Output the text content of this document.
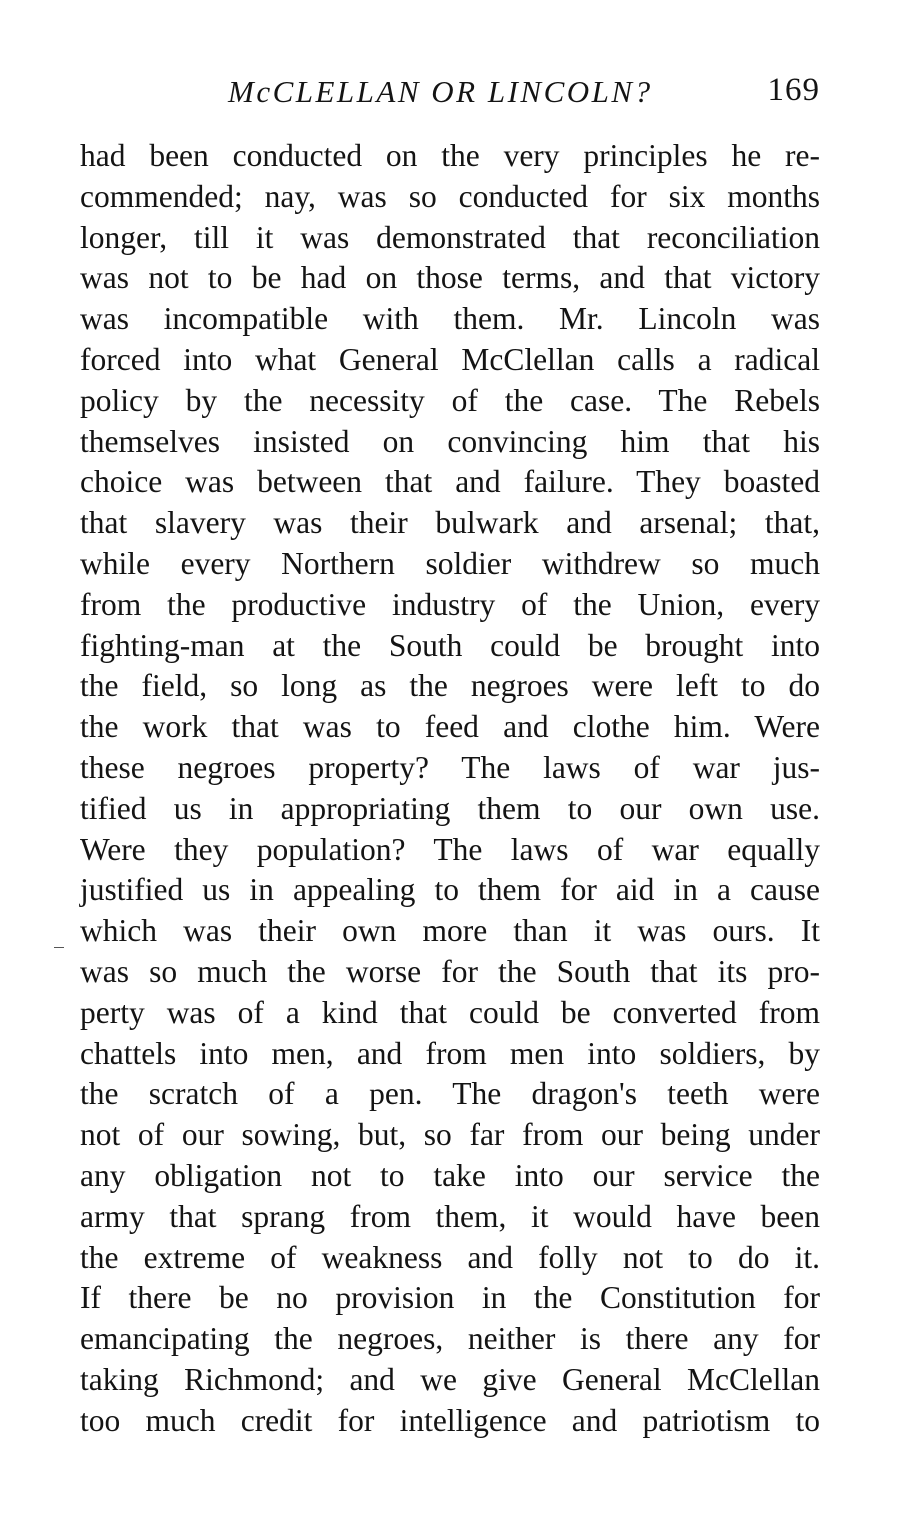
McCLELLAN OR LINCOLN?	169
had been conducted on the very principles he re-
commended; nay, was so conducted for six months
longer, till it was demonstrated that reconciliation
was not to be had on those terms, and that victory
was incompatible with them. Mr. Lincoln was
forced into what General McClellan calls a radical
policy by the necessity of the case. The Rebels
themselves insisted on convincing him that his
choice was between that and failure. They boasted
that slavery was their bulwark and arsenal; that,
while every Northern soldier withdrew so much
from the productive industry of the Union, every
fighting-man at the South could be brought into
the field, so long as the negroes were left to do
the work that was to feed and clothe him. Were
these negroes property? The laws of war jus-
tified us in appropriating them to our own use.
Were they population? The laws of war equally
justified us in appealing to them for aid in a cause
which was their own more than it was ours. It
was so much the worse for the South that its pro-
perty was of a kind that could be converted from
chattels into men, and from men into soldiers, by
the scratch of a pen. The dragon's teeth were
not of our sowing, but, so far from our being under
any obligation not to take into our service the
army that sprang from them, it would have been
the extreme of weakness and folly not to do it.
If there be no provision in the Constitution for
emancipating the negroes, neither is there any for
taking Richmond; and we give General McClellan
too much credit for intelligence and patriotism to
